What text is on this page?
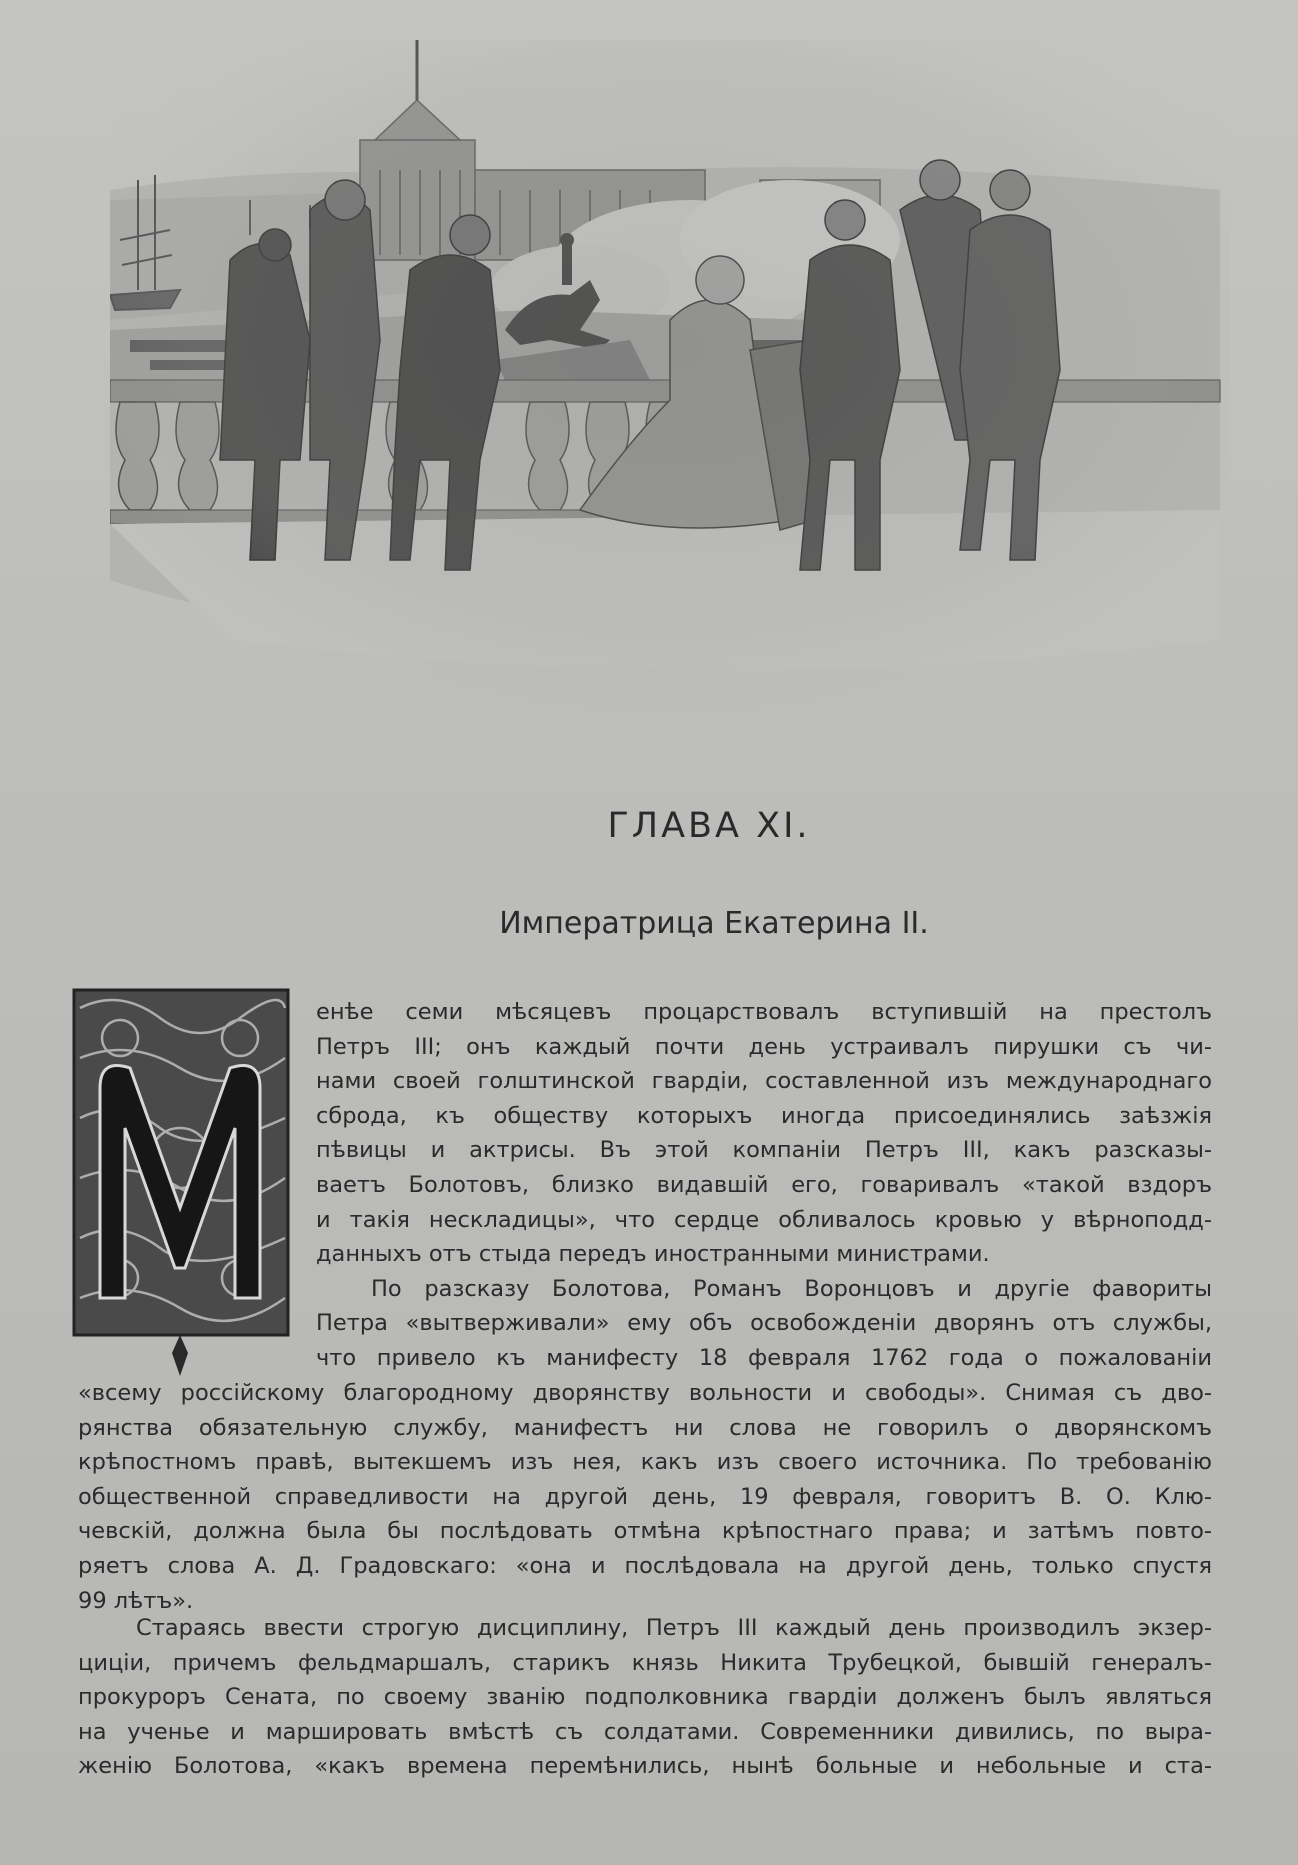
ГЛАВА XI.
Императрица Екатерина II.
енѣе семи мѣсяцевъ процарствовалъ вступившій на престолъ
Петръ III; онъ каждый почти день устраивалъ пирушки съ чи-
нами своей голштинской гвардіи, составленной изъ международнаго
сброда, къ обществу которыхъ иногда присоединялись заѣзжія
пѣвицы и актрисы. Въ этой компаніи Петръ III, какъ разсказы-
ваетъ Болотовъ, близко видавшій его, говаривалъ «такой вздоръ
и такія нескладицы», что сердце обливалось кровью у вѣрноподд-
данныхъ отъ стыда передъ иностранными министрами.
По разсказу Болотова, Романъ Воронцовъ и другіе фавориты
Петра «вытверживали» ему объ освобожденіи дворянъ отъ службы,
что привело къ манифесту 18 февраля 1762 года о пожалованіи
«всему россійскому благородному дворянству вольности и свободы». Снимая съ дво-
рянства обязательную службу, манифестъ ни слова не говорилъ о дворянскомъ
крѣпостномъ правѣ, вытекшемъ изъ нея, какъ изъ своего источника. По требованію
общественной справедливости на другой день, 19 февраля, говоритъ В. О. Клю-
чевскій, должна была бы послѣдовать отмѣна крѣпостнаго права; и затѣмъ повто-
ряетъ слова А. Д. Градовскаго: «она и послѣдовала на другой день, только спустя
99 лѣтъ».
Стараясь ввести строгую дисциплину, Петръ III каждый день производилъ экзер-
циціи, причемъ фельдмаршалъ, старикъ князь Никита Трубецкой, бывшій генералъ-
прокуроръ Сената, по своему званію подполковника гвардіи долженъ былъ являться
на ученье и маршировать вмѣстѣ съ солдатами. Современники дивились, по выра-
женію Болотова, «какъ времена перемѣнились, нынѣ больные и небольные и ста-
